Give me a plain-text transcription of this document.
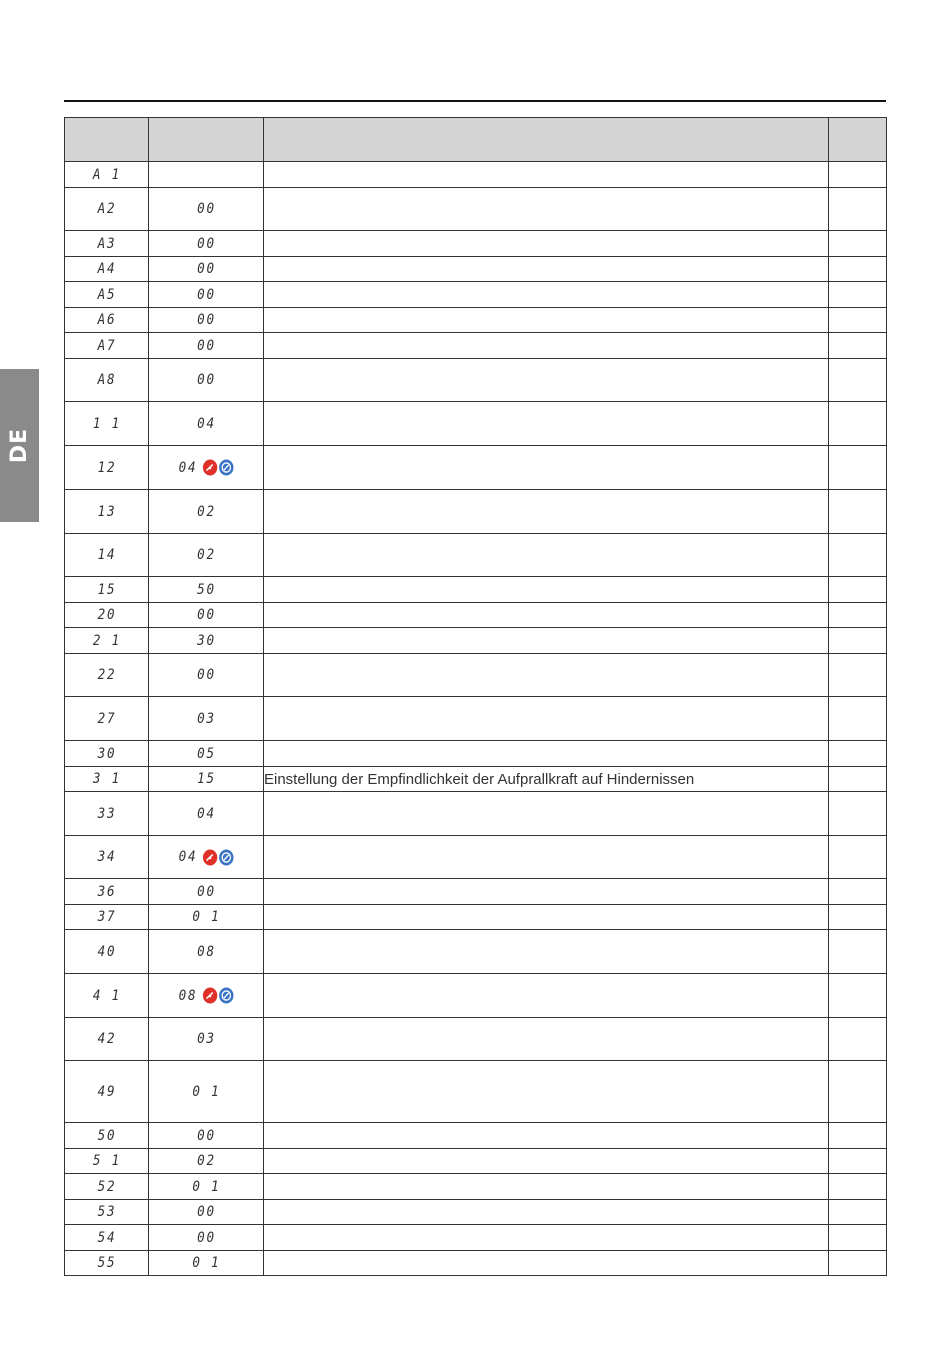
DE

A 1			
A2	00		
A3	00		
A4	00		
A5	00		
A6	00		
A7	00		
A8	00		
1 1	04		
12	04		

13	02		
14	02		
15	50		
20	00		
2 1	30		
22	00		
27	03		
30	05		
3 1	15	Einstellung der Empfindlichkeit der Aufprallkraft auf Hindernissen	
33	04		
34	04		

36	00		
37	0 1		
40	08		
4 1	08		

42	03		
49	0 1		
50	00		
5 1	02		
52	0 1		
53	00		
54	00		
55	0 1		
